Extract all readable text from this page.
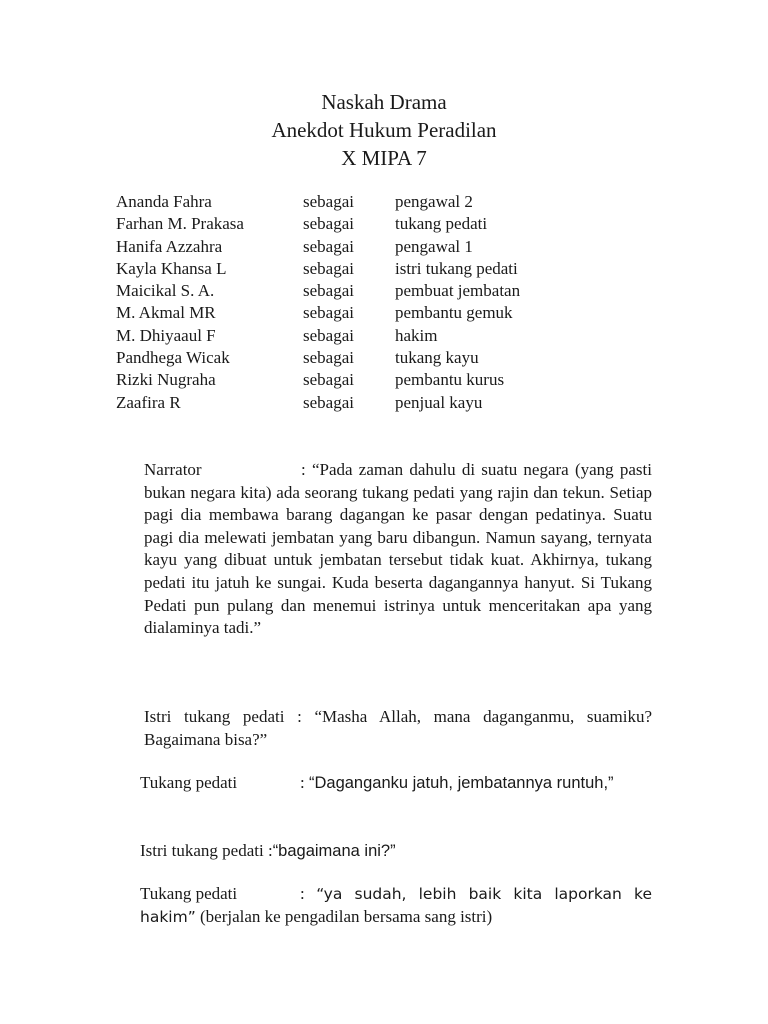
Naskah Drama
Anekdot Hukum Peradilan
X MIPA 7
Ananda Fahra	sebagai pengawal 2
Farhan M. Prakasa	sebagai tukang pedati
Hanifa Azzahra	sebagai pengawal 1
Kayla Khansa L	sebagai istri tukang pedati
Maicikal S. A.	sebagai pembuat jembatan
M. Akmal MR	sebagai pembantu gemuk
M. Dhiyaaul F	sebagai hakim
Pandhega Wicak	sebagai tukang kayu
Rizki Nugraha	sebagai pembantu kurus
Zaafira R	sebagai penjual kayu
Narrator	: “Pada zaman dahulu di suatu negara (yang pasti bukan negara kita) ada seorang tukang pedati yang rajin dan tekun. Setiap pagi dia membawa barang dagangan ke pasar dengan pedatinya. Suatu pagi dia melewati jembatan yang baru dibangun. Namun sayang, ternyata kayu yang dibuat untuk jembatan tersebut tidak kuat. Akhirnya, tukang pedati itu jatuh ke sungai. Kuda beserta dagangannya hanyut. Si Tukang Pedati pun pulang dan menemui istrinya untuk menceritakan apa yang dialaminya tadi.”
Istri tukang pedati : “Masha Allah, mana daganganmu, suamiku? Bagaimana bisa?”
Tukang pedati	: “Daganganku jatuh, jembatannya runtuh,”
Istri tukang pedati :“bagaimana ini?”
Tukang pedati	: “ya sudah, lebih baik kita laporkan ke hakim” (berjalan ke pengadilan bersama sang istri)
